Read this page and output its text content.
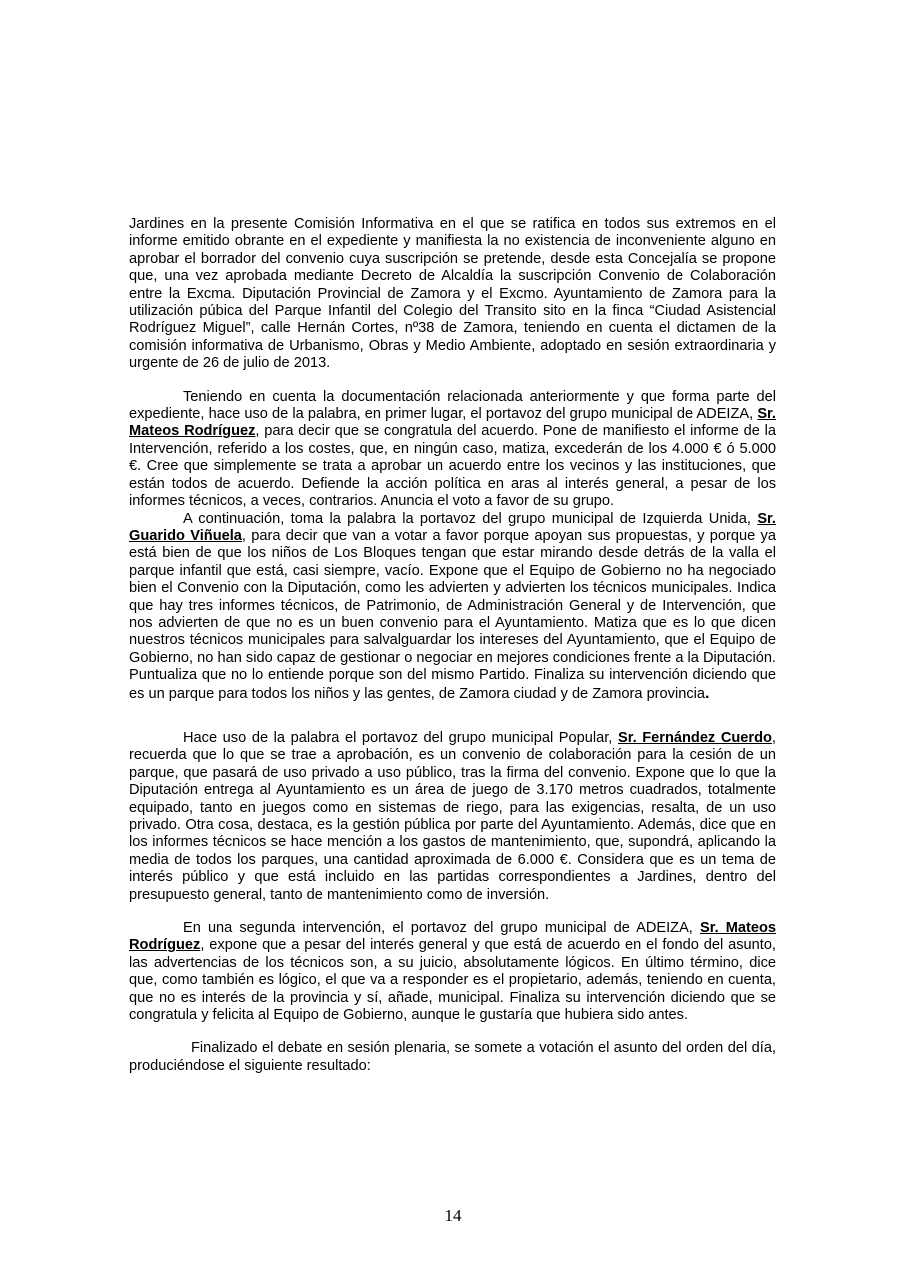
Jardines en la presente Comisión Informativa en el que se ratifica en todos sus extremos en el informe emitido obrante en el expediente y manifiesta la no existencia de inconveniente alguno en aprobar el borrador del convenio cuya suscripción se pretende, desde esta Concejalía se propone que, una vez aprobada mediante Decreto de Alcaldía la suscripción Convenio de Colaboración entre la Excma. Diputación Provincial de Zamora y el Excmo. Ayuntamiento de Zamora para la utilización púbica del Parque Infantil del Colegio del Transito sito en la finca “Ciudad Asistencial Rodríguez Miguel”, calle Hernán Cortes, nº38 de Zamora, teniendo en cuenta el dictamen de la comisión informativa de Urbanismo, Obras y Medio Ambiente, adoptado en sesión extraordinaria y urgente de 26 de julio de 2013.

Teniendo en cuenta la documentación relacionada anteriormente y que forma parte del expediente, hace uso de la palabra, en primer lugar, el portavoz del grupo municipal de ADEIZA, Sr. Mateos Rodríguez, para decir que se congratula del acuerdo. Pone de manifiesto el informe de la Intervención, referido a los costes, que, en ningún caso, matiza, excederán de los 4.000 € ó 5.000 €. Cree que simplemente se trata a aprobar un acuerdo entre los vecinos y las instituciones, que están todos de acuerdo. Defiende la acción política en aras al interés general, a pesar de los informes técnicos, a veces, contrarios. Anuncia el voto a favor de su grupo.

A continuación, toma la palabra la portavoz del grupo municipal de Izquierda Unida, Sr. Guarido Viñuela, para decir que van a votar a favor porque apoyan sus propuestas, y porque ya está bien de que los niños de Los Bloques tengan que estar mirando desde detrás de la valla el parque infantil que está, casi siempre, vacío. Expone que el Equipo de Gobierno no ha negociado bien el Convenio con la Diputación, como les advierten y advierten los técnicos municipales. Indica que hay tres informes técnicos, de Patrimonio, de Administración General y de Intervención, que nos advierten de que no es un buen convenio para el Ayuntamiento. Matiza que es lo que dicen nuestros técnicos municipales para salvalguardar los intereses del Ayuntamiento, que el Equipo de Gobierno, no han sido capaz de gestionar o negociar en mejores condiciones frente a la Diputación. Puntualiza que no lo entiende porque son del mismo Partido. Finaliza su intervención diciendo que es un parque para todos los niños y las gentes, de Zamora ciudad y de Zamora provincia.

Hace uso de la palabra el portavoz del grupo municipal Popular, Sr. Fernández Cuerdo, recuerda que lo que se trae a aprobación, es un convenio de colaboración para la cesión de un parque, que pasará de uso privado a uso público, tras la firma del convenio. Expone que lo que la Diputación entrega al Ayuntamiento es un área de juego de 3.170 metros cuadrados, totalmente equipado, tanto en juegos como en sistemas de riego, para las exigencias, resalta, de un uso privado. Otra cosa, destaca, es la gestión pública por parte del Ayuntamiento. Además, dice que en los informes técnicos se hace mención a los gastos de mantenimiento, que, supondrá, aplicando la media de todos los parques, una cantidad aproximada de 6.000 €. Considera que es un tema de interés público y que está incluido en las partidas correspondientes a Jardines, dentro del presupuesto general, tanto de mantenimiento como de inversión.

En una segunda intervención, el portavoz del grupo municipal de ADEIZA, Sr. Mateos Rodríguez, expone que a pesar del interés general y que está de acuerdo en el fondo del asunto, las advertencias de los técnicos son, a su juicio, absolutamente lógicos. En último término, dice que, como también es lógico, el que va a responder es el propietario, además, teniendo en cuenta, que no es interés de la provincia y sí, añade, municipal. Finaliza su intervención diciendo que se congratula y felicita al Equipo de Gobierno, aunque le gustaría que hubiera sido antes.

Finalizado el debate en sesión plenaria, se somete a votación el asunto del orden del día, produciéndose el siguiente resultado:

14
